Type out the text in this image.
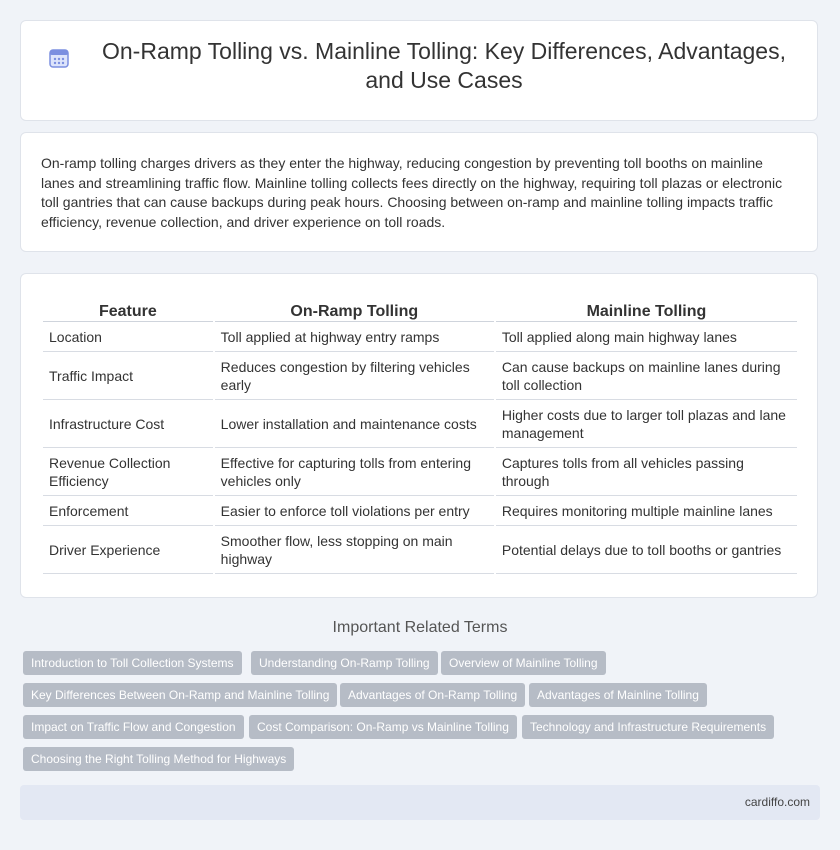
On-Ramp Tolling vs. Mainline Tolling: Key Differences, Advantages, and Use Cases

On-ramp tolling charges drivers as they enter the highway, reducing congestion by preventing toll booths on mainline lanes and streamlining traffic flow. Mainline tolling collects fees directly on the highway, requiring toll plazas or electronic toll gantries that can cause backups during peak hours. Choosing between on-ramp and mainline tolling impacts traffic efficiency, revenue collection, and driver experience on toll roads.

Feature	On-Ramp Tolling	Mainline Tolling
Location	Toll applied at highway entry ramps	Toll applied along main highway lanes
Traffic Impact	Reduces congestion by filtering vehicles early	Can cause backups on mainline lanes during toll collection
Infrastructure Cost	Lower installation and maintenance costs	Higher costs due to larger toll plazas and lane management
Revenue Collection Efficiency	Effective for capturing tolls from entering vehicles only	Captures tolls from all vehicles passing through
Enforcement	Easier to enforce toll violations per entry	Requires monitoring multiple mainline lanes
Driver Experience	Smoother flow, less stopping on main highway	Potential delays due to toll booths or gantries
Important Related Terms
Introduction to Toll Collection Systems	Understanding On-Ramp Tolling	Overview of Mainline Tolling
Key Differences Between On-Ramp and Mainline Tolling	Advantages of On-Ramp Tolling	Advantages of Mainline Tolling
Impact on Traffic Flow and Congestion	Cost Comparison: On-Ramp vs Mainline Tolling	Technology and Infrastructure Requirements
Choosing the Right Tolling Method for Highways
cardiffo.com
